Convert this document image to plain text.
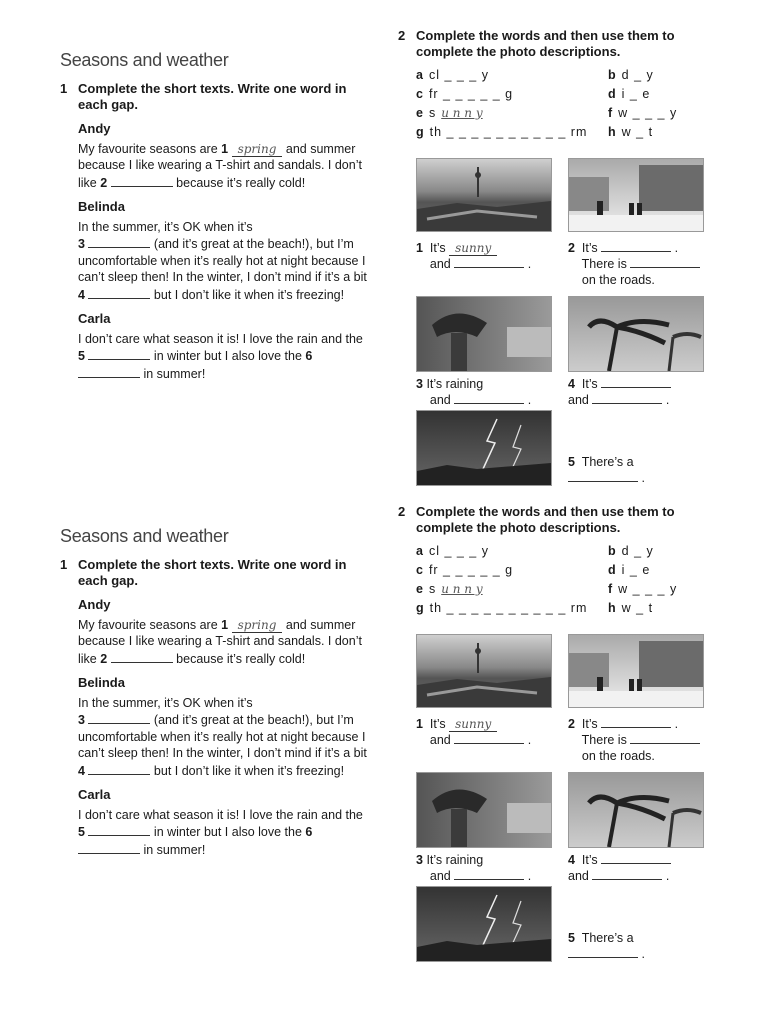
Seasons and weather
1 Complete the short texts. Write one word in each gap.
Andy

My favourite seasons are 1 spring and summer because I like wearing a T-shirt and sandals. I don’t like 2	because it’s really cold!

Belinda

In the summer, it’s OK when it’s
3	(and it’s great at the beach!), but I’m uncomfortable when it’s really hot at night because I can’t sleep then! In the winter, I don’t mind if it’s a bit 4	but I don’t like it when it’s freezing!

Carla

I don’t care what season it is! I love the rain and the 5	in winter but I also love the 6  in summer!

2 Complete the words and then use them to complete the photo descriptions.
a cl _ _ _ y	b d _ y
c fr _ _ _ _ _ g	d i _ e
e s u n n y	f w _ _ _ y
g th _ _ _ _ _ _ _ _ _ _ rm h w _ t
1 It’s sunny
and	.
2 It’s	.
There is
on the roads.
3 It’s raining
and	.
4 It’s
and	.
5 There’s a
.
Seasons and weather
1 Complete the short texts. Write one word in each gap.
Andy

My favourite seasons are 1 spring and summer because I like wearing a T-shirt and sandals. I don’t like 2	because it’s really cold!

Belinda

In the summer, it’s OK when it’s
3	(and it’s great at the beach!), but I’m uncomfortable when it’s really hot at night because I can’t sleep then! In the winter, I don’t mind if it’s a bit 4	but I don’t like it when it’s freezing!

Carla

I don’t care what season it is! I love the rain and the 5	in winter but I also love the 6  in summer!

2 Complete the words and then use them to complete the photo descriptions.
a cl _ _ _ y	b d _ y
c fr _ _ _ _ _ g	d i _ e
e s u n n y	f w _ _ _ y
g th _ _ _ _ _ _ _ _ _ _ rm h w _ t
1 It’s sunny
and	.
2 It’s	.
There is
on the roads.
3 It’s raining
and	.
4 It’s
and	.
5 There’s a
.
